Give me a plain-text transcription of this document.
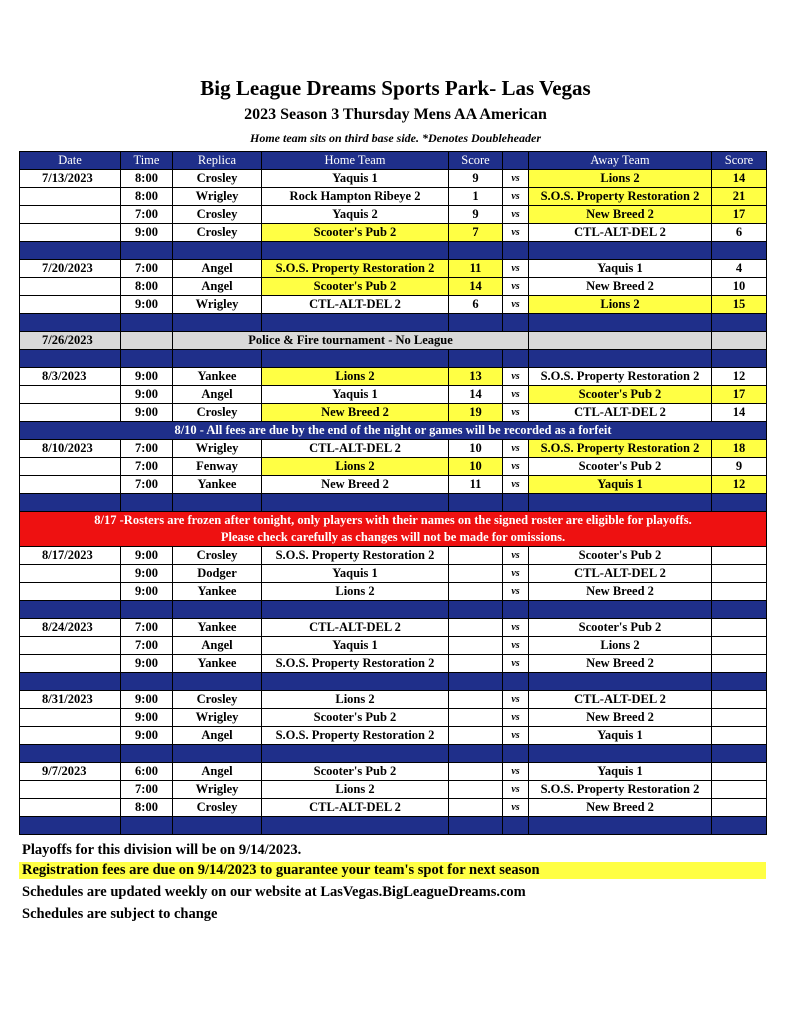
Big League Dreams Sports Park- Las Vegas
2023 Season 3 Thursday Mens AA American
Home team sits on third base side. *Denotes Doubleheader
Date	Time	Replica	Home Team	Score		Away Team	Score
7/13/2023	8:00	Crosley	Yaquis 1	9	vs	Lions 2	14
	8:00	Wrigley	Rock Hampton Ribeye 2	1	vs	S.O.S. Property Restoration 2	21
	7:00	Crosley	Yaquis 2	9	vs	New Breed 2	17
	9:00	Crosley	Scooter's Pub 2	7	vs	CTL-ALT-DEL 2	6

7/20/2023	7:00	Angel	S.O.S. Property Restoration 2	11	vs	Yaquis 1	4
	8:00	Angel	Scooter's Pub 2	14	vs	New Breed 2	10
	9:00	Wrigley	CTL-ALT-DEL 2	6	vs	Lions 2	15

7/26/2023		Police & Fire tournament - No League					

8/3/2023	9:00	Yankee	Lions 2	13	vs	S.O.S. Property Restoration 2	12
	9:00	Angel	Yaquis 1	14	vs	Scooter's Pub 2	17
	9:00	Crosley	New Breed 2	19	vs	CTL-ALT-DEL 2	14
8/10 - All fees are due by the end of the night or games will be recorded as a forfeit							
8/10/2023	7:00	Wrigley	CTL-ALT-DEL 2	10	vs	S.O.S. Property Restoration 2	18
	7:00	Fenway	Lions 2	10	vs	Scooter's Pub 2	9
	7:00	Yankee	New Breed 2	11	vs	Yaquis 1	12

8/17 -Rosters are frozen after tonight, only players with their names on the signed roster are eligible for playoffs.
Please check carefully as changes will not be made for omissions.							

8/17/2023	9:00	Crosley	S.O.S. Property Restoration 2		vs	Scooter's Pub 2	
	9:00	Dodger	Yaquis 1		vs	CTL-ALT-DEL 2	
	9:00	Yankee	Lions 2		vs	New Breed 2	

8/24/2023	7:00	Yankee	CTL-ALT-DEL 2		vs	Scooter's Pub 2	
	7:00	Angel	Yaquis 1		vs	Lions 2	
	9:00	Yankee	S.O.S. Property Restoration 2		vs	New Breed 2	

8/31/2023	9:00	Crosley	Lions 2		vs	CTL-ALT-DEL 2	
	9:00	Wrigley	Scooter's Pub 2		vs	New Breed 2	
	9:00	Angel	S.O.S. Property Restoration 2		vs	Yaquis 1	

9/7/2023	6:00	Angel	Scooter's Pub 2		vs	Yaquis 1	
	7:00	Wrigley	Lions 2		vs	S.O.S. Property Restoration 2	
	8:00	Crosley	CTL-ALT-DEL 2		vs	New Breed 2	

Playoffs for this division will be on 9/14/2023.
Registration fees are due on 9/14/2023 to guarantee your team's spot for next season
Schedules are updated weekly on our website at LasVegas.BigLeagueDreams.com
Schedules are subject to change
